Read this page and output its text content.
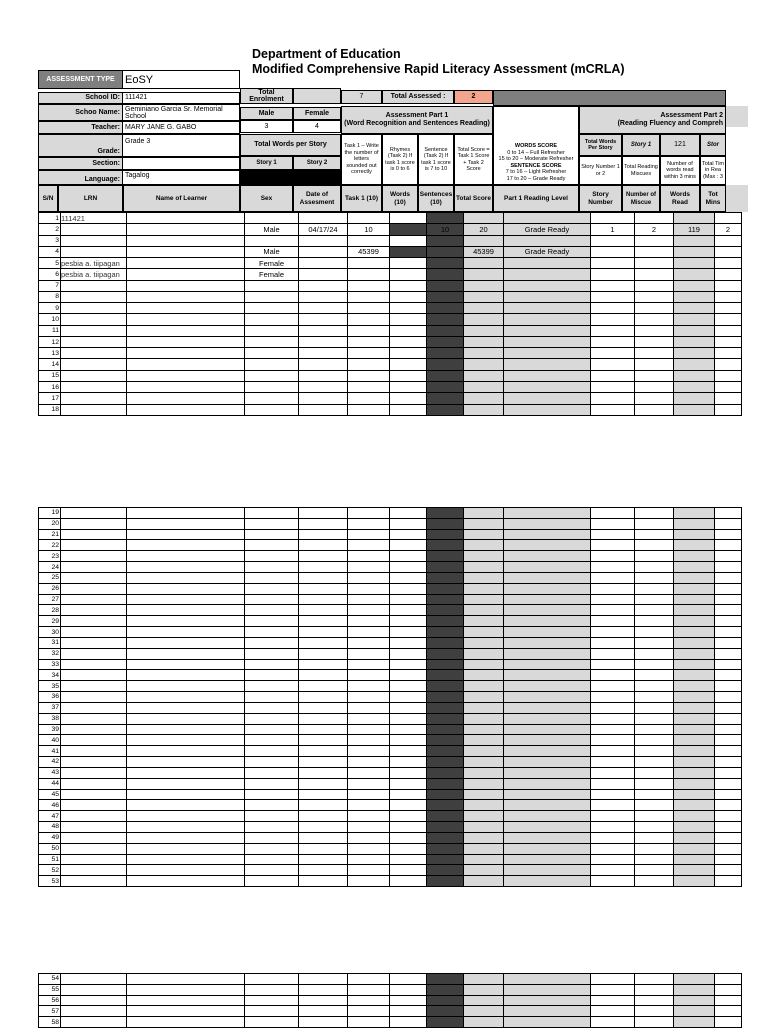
Department of Education
Modified Comprehensive Rapid Literacy Assessment (mCRLA)
ASSESSMENT TYPE EoSY
School ID: 111421
Schoo Name: Geminiano Garcia Sr. Memorial School
Teacher: MARY JANE G. GABO
Grade:
Grade 3
Section:
Language:
Tagalog
Total Enrolment	7	Total Assessed :	2
Male	Female
3	4
Total Words per Story
Story 1	Story 2
Assessment Part 1
(Word Recognition and Sentences Reading)
Task 1 – Write the number of letters sounded out correctly
Rhymes (Task 2) If task 1 score is 0 to 6
Sentence (Task 2) If task 1 score is 7 to 10
Total Score = Task 1 Score + Task 2 Score
WORDS SCORE
0 to 14 – Full Refresher
15 to 20 – Moderate Refresher
SENTENCE SCORE
7 to 16 – Light Refresher
17 to 20 – Grade Ready
Assessment Part 2
(Reading Fluency and Compreh
Total Words Per Story	Story 1	121	Stor
Story Number 1 or 2
Total Reading Miscues
Number of words read within 3 mins
Total Tim in Rea (Max : 3
S/N	LRN	Name of Learner	Sex
Date of Assesment
Task 1 (10)
Words (10)
Sentences (10)
Total Score	Part 1 Reading Level
Story Number
Number of Miscue
Words Read
Tot Mins
1	111421												
2			Male	04/17/24	10		10	20	Grade Ready	1	2	119	2
3													
4			Male		45399			45399	Grade Ready				
5	pesbia a. tiipagan		Female										
6	pesbia a. tiipagan		Female										
7													
8													
9													
10													
11													
12													
13													
14													
15													
16													
17													
18													
19													
20													
21													
22													
23													
24													
25													
26													
27													
28													
29													
30													
31													
32													
33													
34													
35													
36													
37													
38													
39													
40													
41													
42													
43													
44													
45													
46													
47													
48													
49													
50													
51													
52													
53													
54													
55													
56													
57													
58													
